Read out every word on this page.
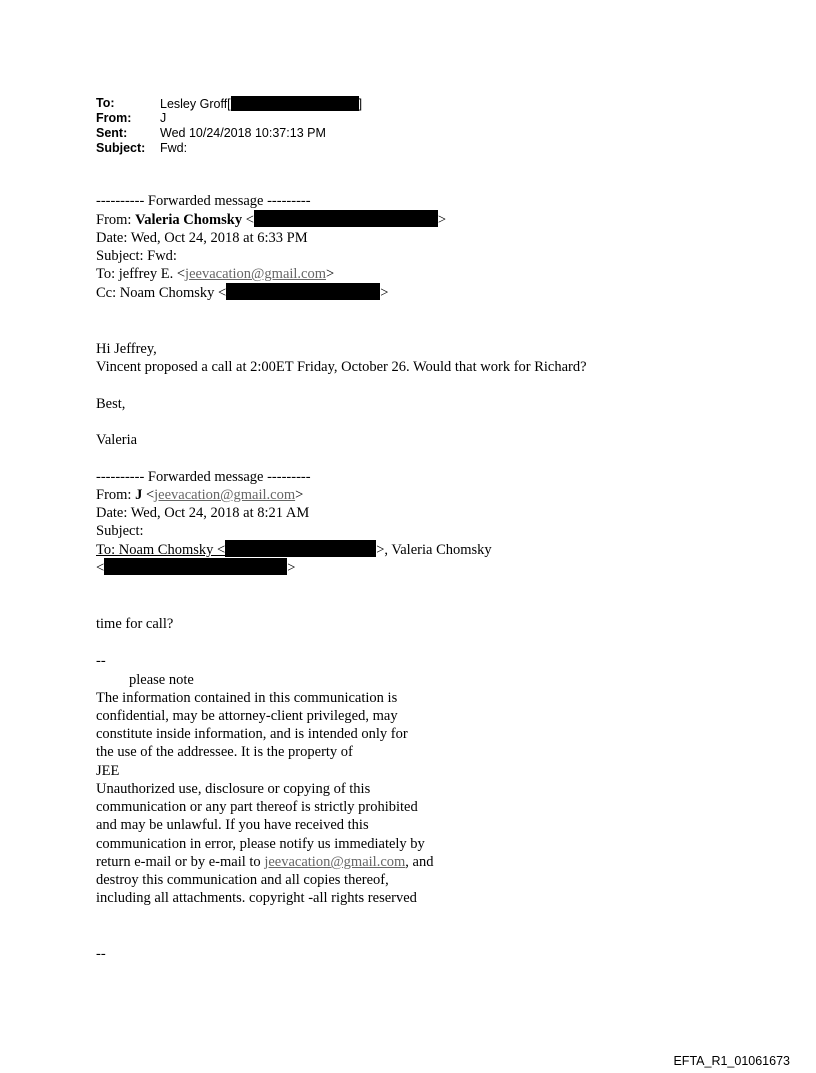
To:	Lesley Groff[	]
From: J
Sent:	Wed 10/24/2018 10:37:13 PM
Subject: Fwd:
---------- Forwarded message ---------
From: Valeria Chomsky <	>
Date: Wed, Oct 24, 2018 at 6:33 PM
Subject: Fwd:
To: jeffrey E. <jeevacation@gmail.com>
Cc: Noam Chomsky <	>
Hi Jeffrey,
Vincent proposed a call at 2:00ET Friday, October 26. Would that work for Richard?
Best,
Valeria
---------- Forwarded message ---------
From: J <jeevacation@gmail.com>
Date: Wed, Oct 24, 2018 at 8:21 AM
Subject:
To: Noam Chomsky <	>, Valeria Chomsky
<	>
time for call?
--
please note
The information contained in this communication is
confidential, may be attorney-client privileged, may
constitute inside information, and is intended only for
the use of the addressee. It is the property of
JEE
Unauthorized use, disclosure or copying of this
communication or any part thereof is strictly prohibited
and may be unlawful. If you have received this
communication in error, please notify us immediately by
return e-mail or by e-mail to jeevacation@gmail.com, and
destroy this communication and all copies thereof,
including all attachments. copyright -all rights reserved
--
EFTA_R1_01061673
